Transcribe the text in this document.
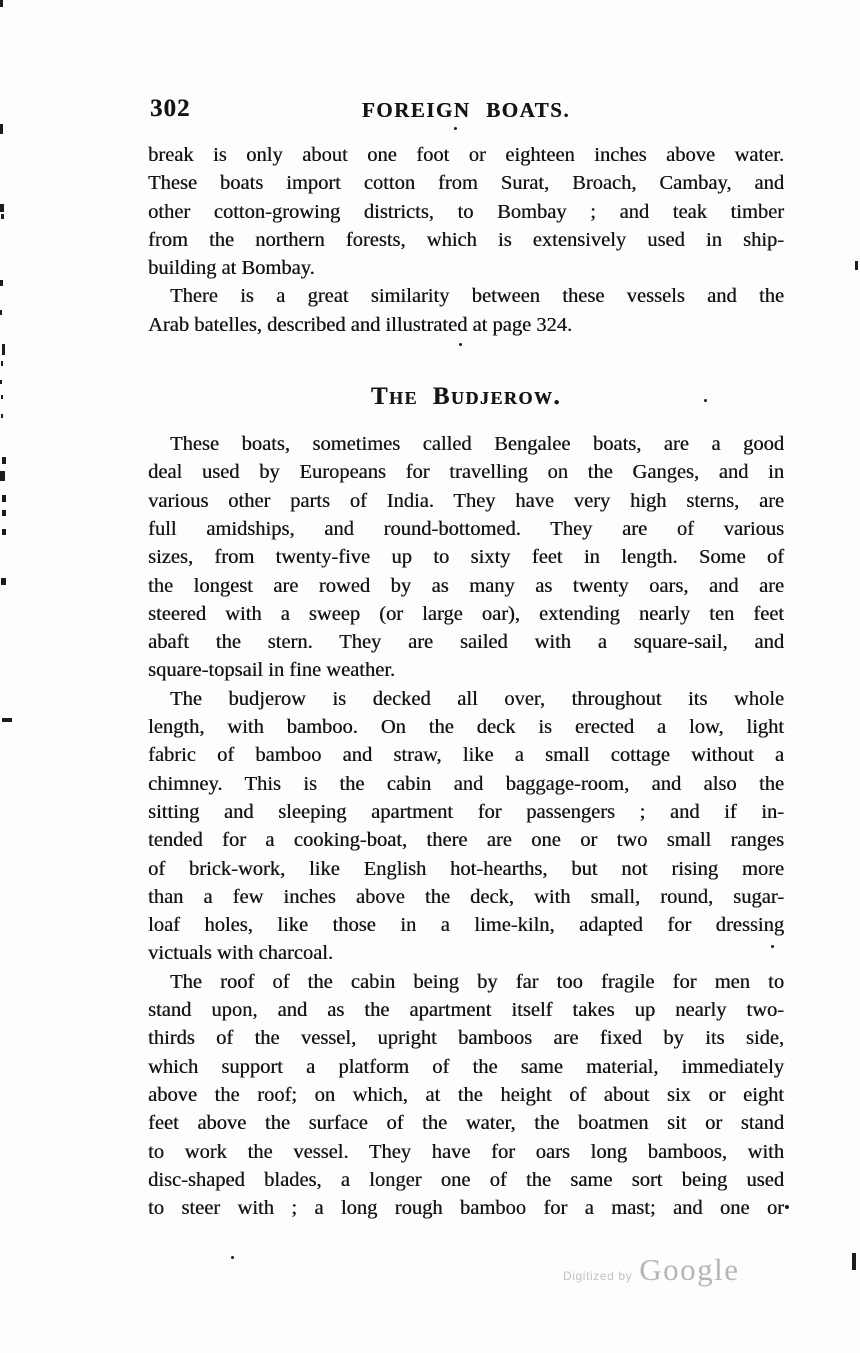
302	FOREIGN BOATS.
break is only about one foot or eighteen inches above water.
These boats import cotton from Surat, Broach, Cambay, and
other cotton-growing districts, to Bombay ; and teak timber
from the northern forests, which is extensively used in ship-
building at Bombay.
There is a great similarity between these vessels and the
Arab batelles, described and illustrated at page 324.
The Budjerow.
These boats, sometimes called Bengalee boats, are a good
deal used by Europeans for travelling on the Ganges, and in
various other parts of India. They have very high sterns, are
full amidships, and round-bottomed. They are of various
sizes, from twenty-five up to sixty feet in length. Some of
the longest are rowed by as many as twenty oars, and are
steered with a sweep (or large oar), extending nearly ten feet
abaft the stern. They are sailed with a square-sail, and
square-topsail in fine weather.
The budjerow is decked all over, throughout its whole
length, with bamboo. On the deck is erected a low, light
fabric of bamboo and straw, like a small cottage without a
chimney. This is the cabin and baggage-room, and also the
sitting and sleeping apartment for passengers ; and if in-
tended for a cooking-boat, there are one or two small ranges
of brick-work, like English hot-hearths, but not rising more
than a few inches above the deck, with small, round, sugar-
loaf holes, like those in a lime-kiln, adapted for dressing
victuals with charcoal.
The roof of the cabin being by far too fragile for men to
stand upon, and as the apartment itself takes up nearly two-
thirds of the vessel, upright bamboos are fixed by its side,
which support a platform of the same material, immediately
above the roof; on which, at the height of about six or eight
feet above the surface of the water, the boatmen sit or stand
to work the vessel. They have for oars long bamboos, with
disc-shaped blades, a longer one of the same sort being used
to steer with ; a long rough bamboo for a mast; and one or
Digitized by Google
